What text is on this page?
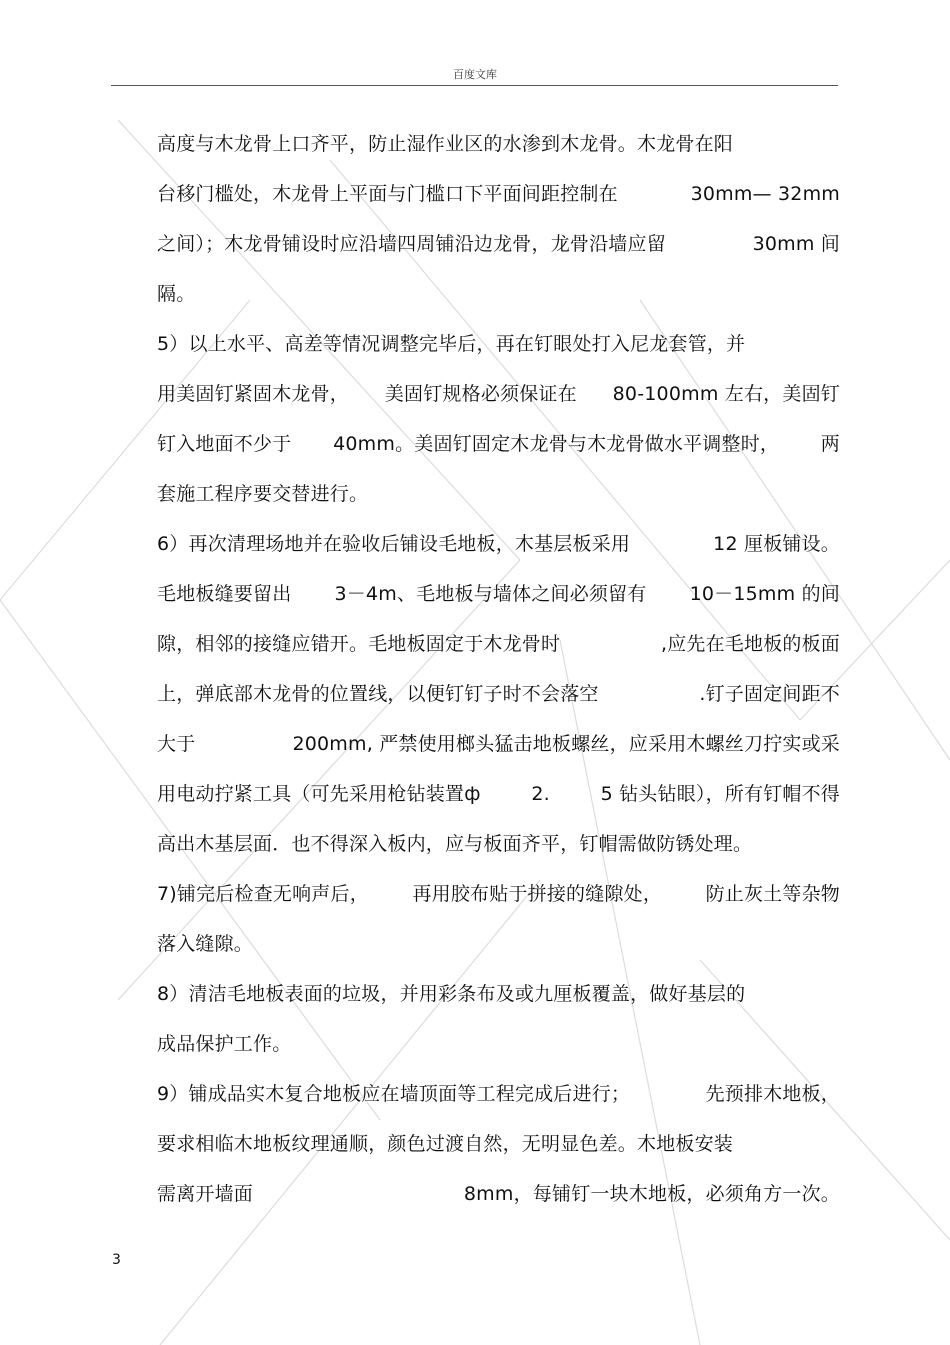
百度文库
高度与木龙骨上口齐平，防止湿作业区的水渗到木龙骨。木龙骨在阳
台移门槛处，木龙骨上平面与门槛口下平面间距控制在	30mm— 32mm
之间）；木龙骨铺设时应沿墙四周铺沿边龙骨，龙骨沿墙应留	30mm 间
隔。
5）以上水平、高差等情况调整完毕后，再在钉眼处打入尼龙套管，并
用美固钉紧固木龙骨， 美固钉规格必须保证在 80-100mm 左右，美固钉
钉入地面不少于 40mm。美固钉固定木龙骨与木龙骨做水平调整时， 两
套施工程序要交替进行。
6）再次清理场地并在验收后铺设毛地板，木基层板采用	12 厘板铺设。
毛地板缝要留出 3－4m、毛地板与墙体之间必须留有 10－15mm 的间
隙，相邻的接缝应错开。毛地板固定于木龙骨时	,应先在毛地板的板面
上，弹底部木龙骨的位置线，以便钉钉子时不会落空	.钉子固定间距不
大于	200mm, 严禁使用榔头猛击地板螺丝，应采用木螺丝刀拧实或采
用电动拧紧工具（可先采用枪钻装置ф	2.	5 钻头钻眼），所有钉帽不得
高出木基层面．也不得深入板内，应与板面齐平，钉帽需做防锈处理。
7)铺完后检查无响声后， 再用胶布贴于拼接的缝隙处， 防止灰土等杂物
落入缝隙。
8）清洁毛地板表面的垃圾，并用彩条布及或九厘板覆盖，做好基层的
成品保护工作。
9）铺成品实木复合地板应在墙顶面等工程完成后进行；	先预排木地板，
要求相临木地板纹理通顺，颜色过渡自然，无明显色差。木地板安装
需离开墙面	8mm，每铺钉一块木地板，必须角方一次。
3
